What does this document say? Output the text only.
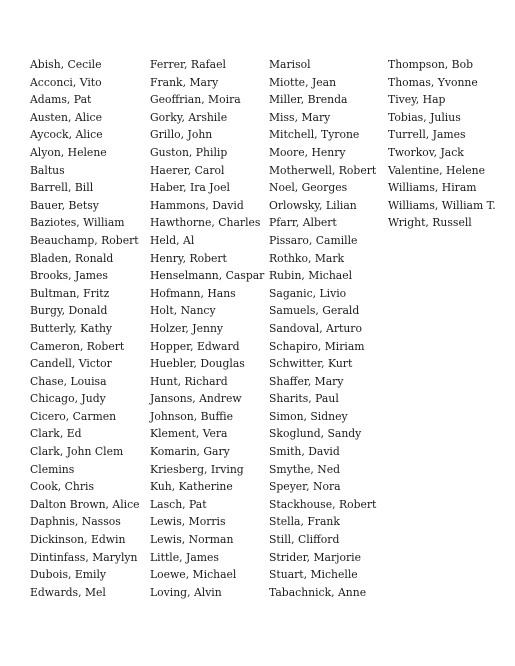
Abish, Cecile
Acconci, Vito
Adams, Pat
Austen, Alice
Aycock, Alice
Alyon, Helene
Baltus
Barrell, Bill
Bauer, Betsy
Baziotes, William
Beauchamp, Robert
Bladen, Ronald
Brooks, James
Bultman, Fritz
Burgy, Donald
Butterly, Kathy
Cameron, Robert
Candell, Victor
Chase, Louisa
Chicago, Judy
Cicero, Carmen
Clark, Ed
Clark, John Clem
Clemins
Cook, Chris
Dalton Brown, Alice
Daphnis, Nassos
Dickinson, Edwin
Dintinfass, Marylyn
Dubois, Emily
Edwards, Mel
Ferrer, Rafael
Frank, Mary
Geoffrian, Moira
Gorky, Arshile
Grillo, John
Guston, Philip
Haerer, Carol
Haber, Ira Joel
Hammons, David
Hawthorne, Charles
Held, Al
Henry, Robert
Henselmann, Caspar
Hofmann, Hans
Holt, Nancy
Holzer, Jenny
Hopper, Edward
Huebler, Douglas
Hunt, Richard
Jansons, Andrew
Johnson, Buffie
Klement, Vera
Komarin, Gary
Kriesberg, Irving
Kuh, Katherine
Lasch, Pat
Lewis, Morris
Lewis, Norman
Little, James
Loewe, Michael
Loving, Alvin
Marisol
Miotte, Jean
Miller, Brenda
Miss, Mary
Mitchell, Tyrone
Moore, Henry
Motherwell, Robert
Noel, Georges
Orlowsky, Lilian
Pfarr, Albert
Pissaro, Camille
Rothko, Mark
Rubin, Michael
Saganic, Livio
Samuels, Gerald
Sandoval, Arturo
Schapiro, Miriam
Schwitter, Kurt
Shaffer, Mary
Sharits, Paul
Simon, Sidney
Skoglund, Sandy
Smith, David
Smythe, Ned
Speyer, Nora
Stackhouse, Robert
Stella, Frank
Still, Clifford
Strider, Marjorie
Stuart, Michelle
Tabachnick, Anne
Thompson, Bob
Thomas, Yvonne
Tivey, Hap
Tobias, Julius
Turrell, James
Tworkov, Jack
Valentine, Helene
Williams, Hiram
Williams, William T.
Wright, Russell
